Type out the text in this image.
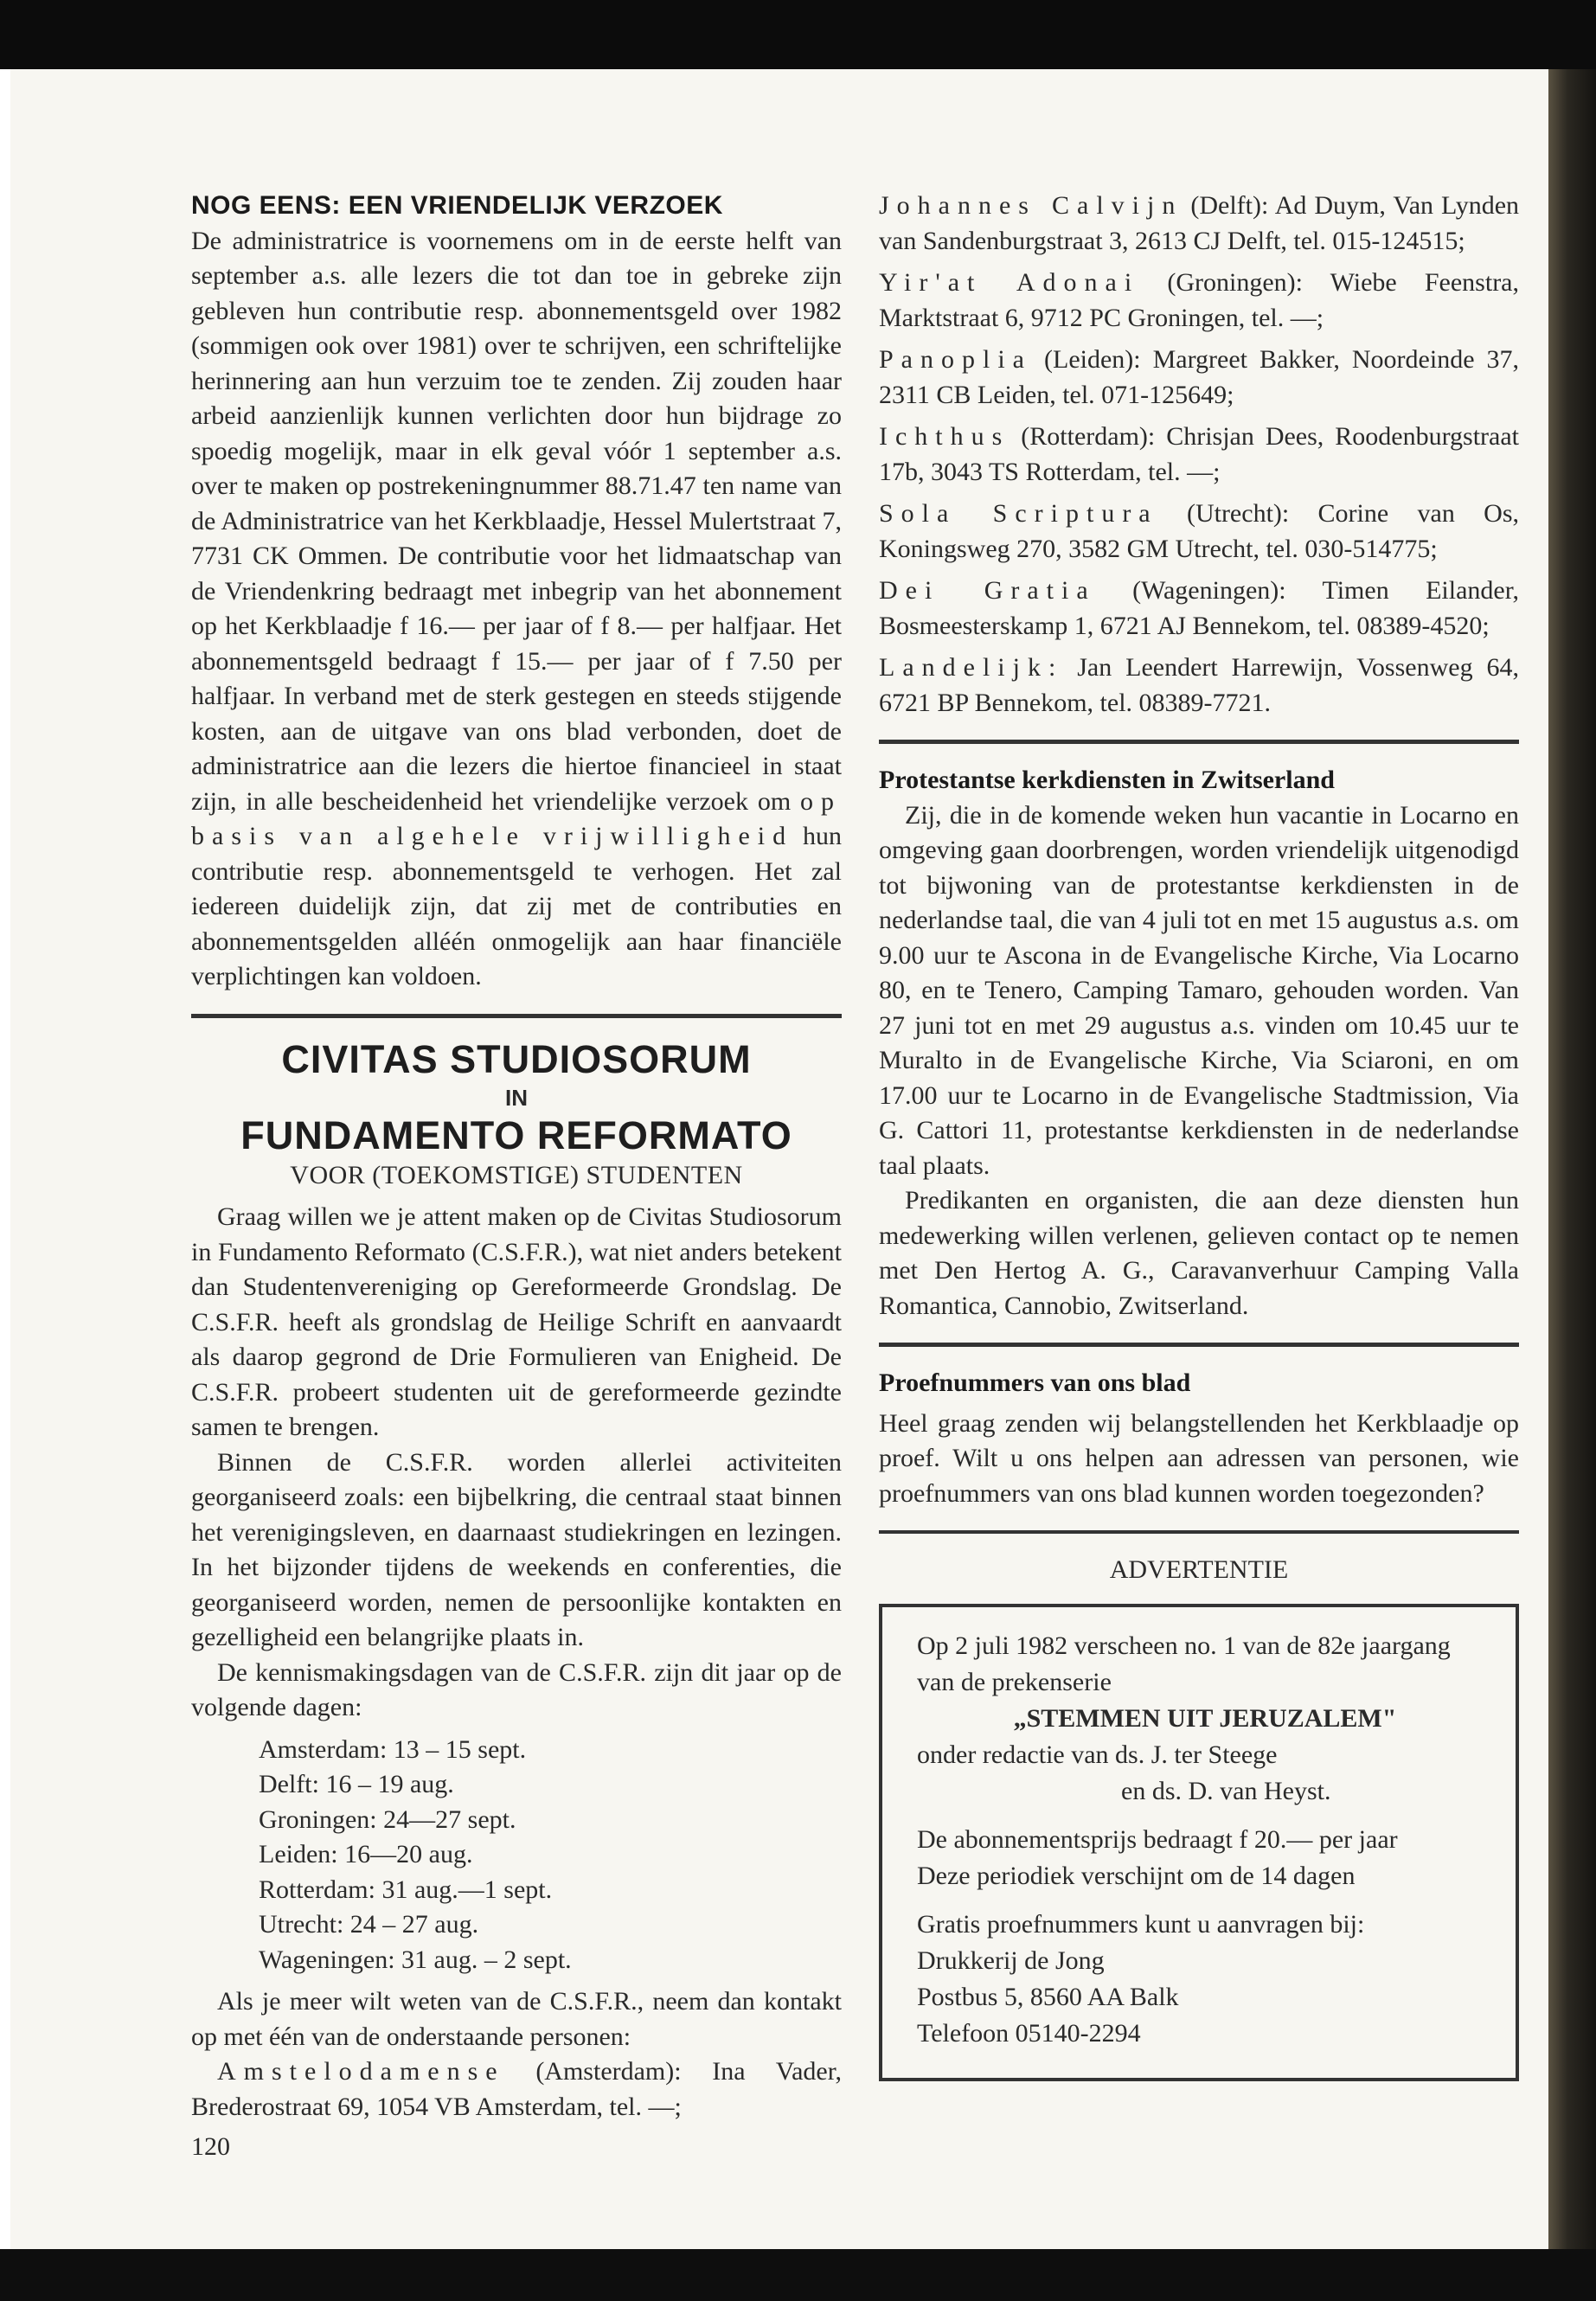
NOG EENS: EEN VRIENDELIJK VERZOEK

De administratrice is voornemens om in de eerste helft van september a.s. alle lezers die tot dan toe in gebreke zijn gebleven hun contributie resp. abonnementsgeld over 1982 (sommigen ook over 1981) over te schrijven, een schriftelijke herinnering aan hun verzuim toe te zenden. Zij zouden haar arbeid aanzienlijk kunnen verlichten door hun bijdrage zo spoedig mogelijk, maar in elk geval vóór 1 september a.s. over te maken op postrekeningnummer 88.71.47 ten name van de Administratrice van het Kerkblaadje, Hessel Mulertstraat 7, 7731 CK Ommen. De contributie voor het lidmaatschap van de Vriendenkring bedraagt met inbegrip van het abonnement op het Kerkblaadje f 16.— per jaar of f 8.— per halfjaar. Het abonnementsgeld bedraagt f 15.— per jaar of f 7.50 per halfjaar. In verband met de sterk gestegen en steeds stijgende kosten, aan de uitgave van ons blad verbonden, doet de administratrice aan die lezers die hiertoe financieel in staat zijn, in alle bescheidenheid het vriendelijke verzoek om op basis van algehele vrijwilligheid hun contributie resp. abonnementsgeld te verhogen. Het zal iedereen duidelijk zijn, dat zij met de contributies en abonnementsgelden alléén onmogelijk aan haar financiële verplichtingen kan voldoen.

CIVITAS STUDIOSORUM
IN
FUNDAMENTO REFORMATO
VOOR (TOEKOMSTIGE) STUDENTEN

Graag willen we je attent maken op de Civitas Studiosorum in Fundamento Reformato (C.S.F.R.), wat niet anders betekent dan Studentenvereniging op Gereformeerde Grondslag. De C.S.F.R. heeft als grondslag de Heilige Schrift en aanvaardt als daarop gegrond de Drie Formulieren van Enigheid. De C.S.F.R. probeert studenten uit de gereformeerde gezindte samen te brengen.

Binnen de C.S.F.R. worden allerlei activiteiten georganiseerd zoals: een bijbelkring, die centraal staat binnen het verenigingsleven, en daarnaast studiekringen en lezingen. In het bijzonder tijdens de weekends en conferenties, die georganiseerd worden, nemen de persoonlijke kontakten en gezelligheid een belangrijke plaats in.

De kennismakingsdagen van de C.S.F.R. zijn dit jaar op de volgende dagen:

Amsterdam: 13 – 15 sept.
Delft: 16 – 19 aug.
Groningen: 24—27 sept.
Leiden: 16—20 aug.
Rotterdam: 31 aug.—1 sept.
Utrecht: 24 – 27 aug.
Wageningen: 31 aug. – 2 sept.

Als je meer wilt weten van de C.S.F.R., neem dan kontakt op met één van de onderstaande personen:

Amstelodamense (Amsterdam): Ina Vader, Brederostraat 69, 1054 VB Amsterdam, tel. —;

120

Johannes Calvijn (Delft): Ad Duym, Van Lynden van Sandenburgstraat 3, 2613 CJ Delft, tel. 015-124515;

Yir'at Adonai (Groningen): Wiebe Feenstra, Marktstraat 6, 9712 PC Groningen, tel. —;

Panoplia (Leiden): Margreet Bakker, Noordeinde 37, 2311 CB Leiden, tel. 071-125649;

Ichthus (Rotterdam): Chrisjan Dees, Roodenburgstraat 17b, 3043 TS Rotterdam, tel. —;

Sola Scriptura (Utrecht): Corine van Os, Koningsweg 270, 3582 GM Utrecht, tel. 030-514775;

Dei Gratia (Wageningen): Timen Eilander, Bosmeesterskamp 1, 6721 AJ Bennekom, tel. 08389-4520;

Landelijk: Jan Leendert Harrewijn, Vossenweg 64, 6721 BP Bennekom, tel. 08389-7721.

Protestantse kerkdiensten in Zwitserland

Zij, die in de komende weken hun vacantie in Locarno en omgeving gaan doorbrengen, worden vriendelijk uitgenodigd tot bijwoning van de protestantse kerkdiensten in de nederlandse taal, die van 4 juli tot en met 15 augustus a.s. om 9.00 uur te Ascona in de Evangelische Kirche, Via Locarno 80, en te Tenero, Camping Tamaro, gehouden worden. Van 27 juni tot en met 29 augustus a.s. vinden om 10.45 uur te Muralto in de Evangelische Kirche, Via Sciaroni, en om 17.00 uur te Locarno in de Evangelische Stadtmission, Via G. Cattori 11, protestantse kerkdiensten in de nederlandse taal plaats.

Predikanten en organisten, die aan deze diensten hun medewerking willen verlenen, gelieven contact op te nemen met Den Hertog A. G., Caravanverhuur Camping Valla Romantica, Cannobio, Zwitserland.

Proefnummers van ons blad

Heel graag zenden wij belangstellenden het Kerkblaadje op proef. Wilt u ons helpen aan adressen van personen, wie proefnummers van ons blad kunnen worden toegezonden?

ADVERTENTIE
Op 2 juli 1982 verscheen no. 1 van de 82e jaargang van de prekenserie
„STEMMEN UIT JERUZALEM"
onder redactie van ds. J. ter Steege
en ds. D. van Heyst.
De abonnementsprijs bedraagt f 20.— per jaar
Deze periodiek verschijnt om de 14 dagen
Gratis proefnummers kunt u aanvragen bij:
Drukkerij de Jong
Postbus 5, 8560 AA Balk
Telefoon 05140-2294
